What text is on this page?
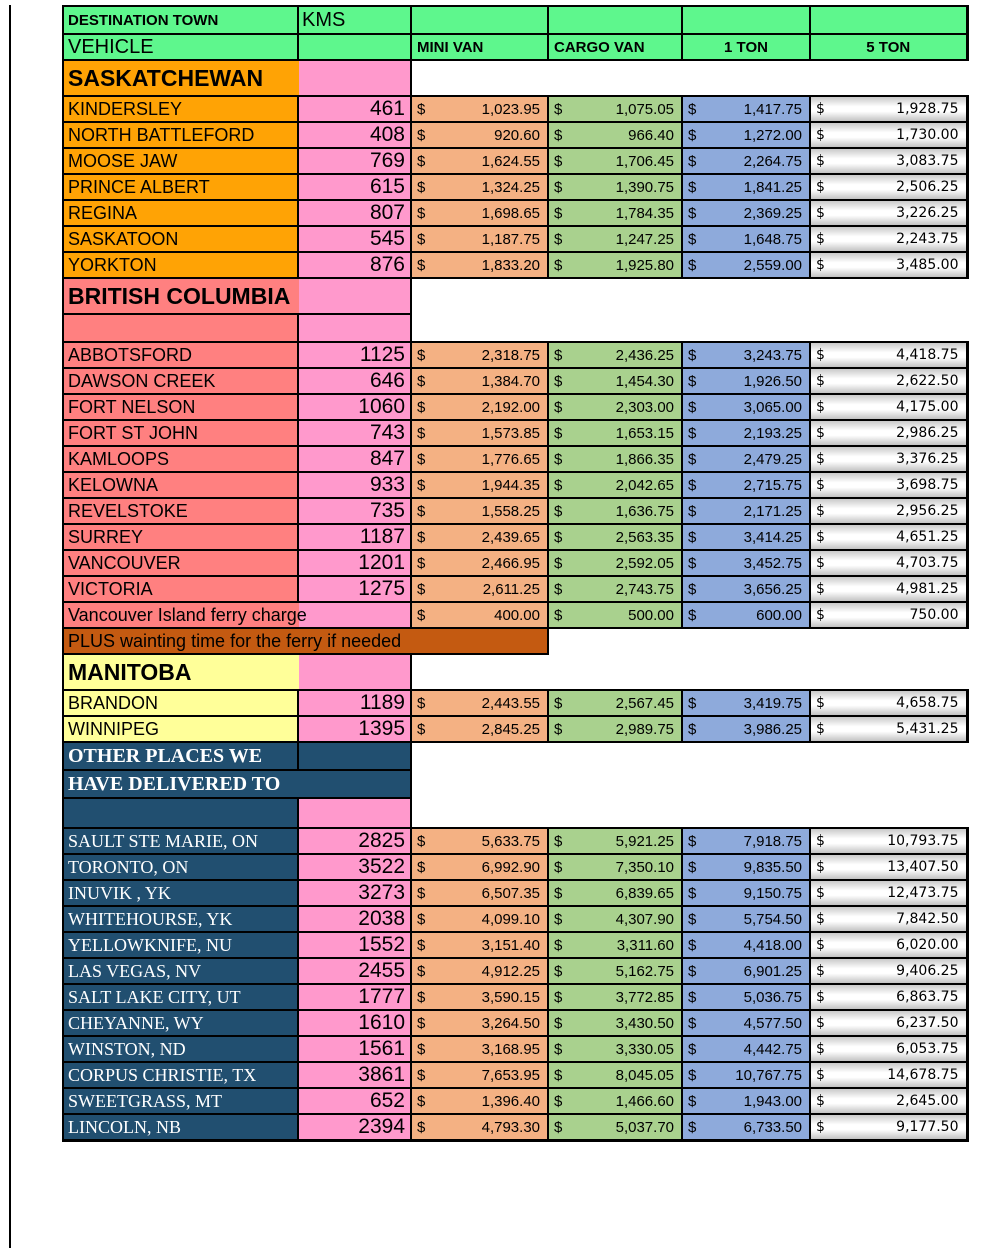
DESTINATION TOWN	KMS				
VEHICLE		MINI VAN	CARGO VAN	1 TON	5 TON
SASKATCHEWAN					
KINDERSLEY	461	$ 1,023.95	$ 1,075.05	$ 1,417.75	$ 1,928.75

NORTH BATTLEFORD	408	$ 920.60	$ 966.40	$ 1,272.00	$ 1,730.00

MOOSE JAW	769	$ 1,624.55	$ 1,706.45	$ 2,264.75	$ 3,083.75

PRINCE ALBERT	615	$ 1,324.25	$ 1,390.75	$ 1,841.25	$ 2,506.25

REGINA	807	$ 1,698.65	$ 1,784.35	$ 2,369.25	$ 3,226.25

SASKATOON	545	$ 1,187.75	$ 1,247.25	$ 1,648.75	$ 2,243.75

YORKTON	876	$ 1,833.20	$ 1,925.80	$ 2,559.00	$ 3,485.00

BRITISH COLUMBIA					

ABBOTSFORD	1125	$ 2,318.75	$ 2,436.25	$ 3,243.75	$ 4,418.75

DAWSON CREEK	646	$ 1,384.70	$ 1,454.30	$ 1,926.50	$ 2,622.50

FORT NELSON	1060	$ 2,192.00	$ 2,303.00	$ 3,065.00	$ 4,175.00

FORT ST JOHN	743	$ 1,573.85	$ 1,653.15	$ 2,193.25	$ 2,986.25

KAMLOOPS	847	$ 1,776.65	$ 1,866.35	$ 2,479.25	$ 3,376.25

KELOWNA	933	$ 1,944.35	$ 2,042.65	$ 2,715.75	$ 3,698.75

REVELSTOKE	735	$ 1,558.25	$ 1,636.75	$ 2,171.25	$ 2,956.25

SURREY	1187	$ 2,439.65	$ 2,563.35	$ 3,414.25	$ 4,651.25

VANCOUVER	1201	$ 2,466.95	$ 2,592.05	$ 3,452.75	$ 4,703.75

VICTORIA	1275	$ 2,611.25	$ 2,743.75	$ 3,656.25	$ 4,981.25

Vancouver Island ferry charge		$ 400.00	$ 500.00	$ 600.00	$ 750.00

PLUS wainting time for the ferry if needed					
MANITOBA					
BRANDON	1189	$ 2,443.55	$ 2,567.45	$ 3,419.75	$ 4,658.75

WINNIPEG	1395	$ 2,845.25	$ 2,989.75	$ 3,986.25	$ 5,431.25

OTHER PLACES WE					
HAVE DELIVERED TO					

SAULT STE MARIE, ON	2825	$ 5,633.75	$ 5,921.25	$ 7,918.75	$ 10,793.75

TORONTO, ON	3522	$ 6,992.90	$ 7,350.10	$ 9,835.50	$ 13,407.50

INUVIK , YK	3273	$ 6,507.35	$ 6,839.65	$ 9,150.75	$ 12,473.75

WHITEHOURSE, YK	2038	$ 4,099.10	$ 4,307.90	$ 5,754.50	$ 7,842.50

YELLOWKNIFE, NU	1552	$ 3,151.40	$ 3,311.60	$ 4,418.00	$ 6,020.00

LAS VEGAS, NV	2455	$ 4,912.25	$ 5,162.75	$ 6,901.25	$ 9,406.25

SALT LAKE CITY, UT	1777	$ 3,590.15	$ 3,772.85	$ 5,036.75	$ 6,863.75

CHEYANNE, WY	1610	$ 3,264.50	$ 3,430.50	$ 4,577.50	$ 6,237.50

WINSTON, ND	1561	$ 3,168.95	$ 3,330.05	$ 4,442.75	$ 6,053.75

CORPUS CHRISTIE, TX	3861	$ 7,653.95	$ 8,045.05	$ 10,767.75	$ 14,678.75

SWEETGRASS, MT	652	$ 1,396.40	$ 1,466.60	$ 1,943.00	$ 2,645.00

LINCOLN, NB	2394	$ 4,793.30	$ 5,037.70	$ 6,733.50	$ 9,177.50
